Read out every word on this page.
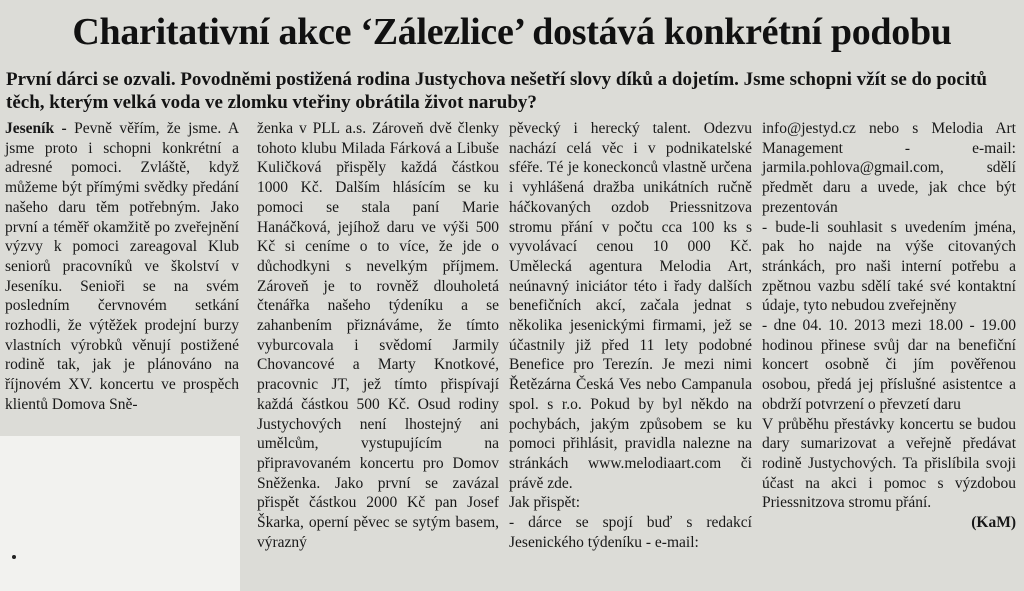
Charitativní akce ‘Zálezlice’ dostává konkrétní podobu

První dárci se ozvali. Povodněmi postižená rodina Justychova nešetří slovy díků a dojetím. Jsme schopni vžít se do pocitů těch, kterým velká voda ve zlomku vteřiny obrátila život naruby?

Jeseník - Pevně věřím, že jsme. A jsme proto i schopni konkrétní a adresné pomoci. Zvláště, když můžeme být přímými svědky předání našeho daru těm potřebným. Jako první a téměř okamžitě po zveřejnění výzvy k pomoci zareagoval Klub seniorů pracovníků ve školství v Jeseníku. Senioři se na svém posledním červnovém setkání rozhodli, že výtěžek prodejní burzy vlastních výrobků věnují postižené rodině tak, jak je plánováno na říjnovém XV. koncertu ve prospěch klientů Domova Sně-

ženka v PLL a.s. Zároveň dvě členky tohoto klubu Milada Fárková a Libuše Kuličková přispěly každá částkou 1000 Kč. Dalším hlásícím se ku pomoci se stala paní Marie Hanáčková, jejíhož daru ve výši 500 Kč si ceníme o to více, že jde o důchodkyni s nevelkým příjmem. Zároveň je to rovněž dlouholetá čtenářka našeho týdeníku a se zahanbením přiznáváme, že tímto vyburcovala i svědomí Jarmily Chovancové a Marty Knotkové, pracovnic JT, jež tímto přispívají každá částkou 500 Kč. Osud rodiny Justychových není lhostejný ani umělcům, vystupujícím na připravovaném koncertu pro Domov Sněženka. Jako první se zavázal přispět částkou 2000 Kč pan Josef Škarka, operní pěvec se sytým basem, výrazný

pěvecký i herecký talent. Odezvu nachází celá věc i v podnikatelské sféře. Té je koneckonců vlastně určena i vyhlášená dražba unikátních ručně háčkovaných ozdob Priessnitzova stromu přání v počtu cca 100 ks s vyvolávací cenou 10 000 Kč. Umělecká agentura Melodia Art, neúnavný iniciátor této i řady dalších benefičních akcí, začala jednat s několika jesenickými firmami, jež se účastnily již před 11 lety podobné Benefice pro Terezín. Je mezi nimi Řetězárna Česká Ves nebo Campanula spol. s r.o. Pokud by byl někdo na pochybách, jakým způsobem se ku pomoci přihlásit, pravidla nalezne na stránkách www.melodiaart.com či právě zde.

Jak přispět:

- dárce se spojí buď s redakcí Jesenického týdeníku - e-mail:

info@jestyd.cz nebo s Melodia Art Management - e-mail: jarmila.pohlova@gmail.com, sdělí předmět daru a uvede, jak chce být prezentován

- bude-li souhlasit s uvedením jména, pak ho najde na výše citovaných stránkách, pro naši interní potřebu a zpětnou vazbu sdělí také své kontaktní údaje, tyto nebudou zveřejněny

- dne 04. 10. 2013 mezi 18.00 - 19.00 hodinou přinese svůj dar na benefiční koncert osobně či jím pověřenou osobou, předá jej příslušné asistentce a obdrží potvrzení o převzetí daru

V průběhu přestávky koncertu se budou dary sumarizovat a veřejně předávat rodině Justychových. Ta přislíbila svoji účast na akci i pomoc s výzdobou Priessnitzova stromu přání.

(KaM)
